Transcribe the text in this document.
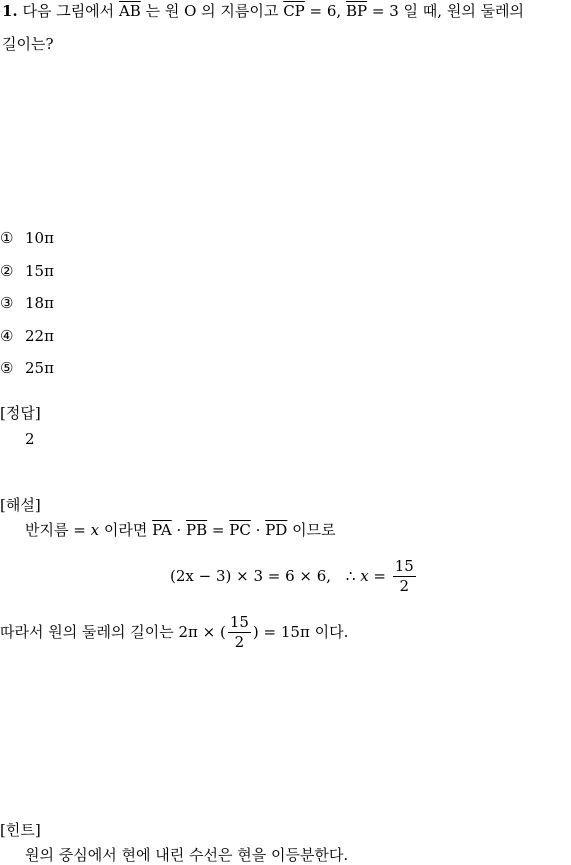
1. 다음 그림에서 $\overline{AB}$ 는 원 O 의 지름이고 $\overline{CP} = 6$, $\overline{BP} = 3$ 일 때, 원의 둘레의
길이는?
① 10π
② 15π
③ 18π
④ 22π
⑤ 25π
[정답]
2
[해설]
반지름 = x 이라면 $\overline{PA} \cdot \overline{PB} = \overline{PC} \cdot \overline{PD}$ 이므로
(2x − 3) × 3 = 6 × 6, ∴ $x = \frac{15}{2}$
따라서 원의 둘레의 길이는 2π × ( $\frac{15}{2}$ ) = 15π 이다.
[힌트]
원의 중심에서 현에 내린 수선은 현을 이등분한다.
